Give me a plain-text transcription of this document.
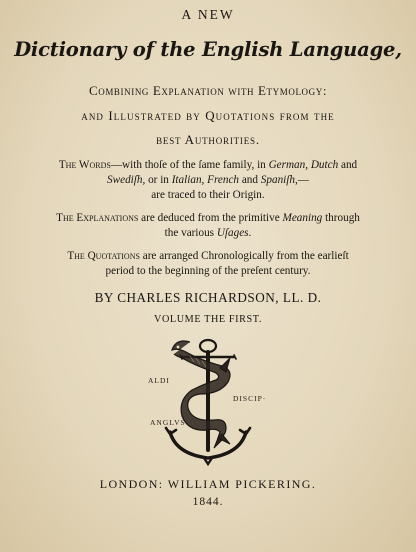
A NEW
Dictionary of the English Language,
Combining Explanation with Etymology:
and Illustrated by Quotations from the
best Authorities.
The Words—with thoſe of the ſame family, in German, Dutch and
Swediſh, or in Italian, French and Spaniſh,—
are traced to their Origin.
The Explanations are deduced from the primitive Meaning through
the various Uſages.
The Quotations are arranged Chronologically from the earlieſt
period to the beginning of the preſent century.
BY CHARLES RICHARDSON, LL. D.
VOLUME THE FIRST.
ALDI
DISCIP·
ANGLVS
LONDON: WILLIAM PICKERING.
1844.
